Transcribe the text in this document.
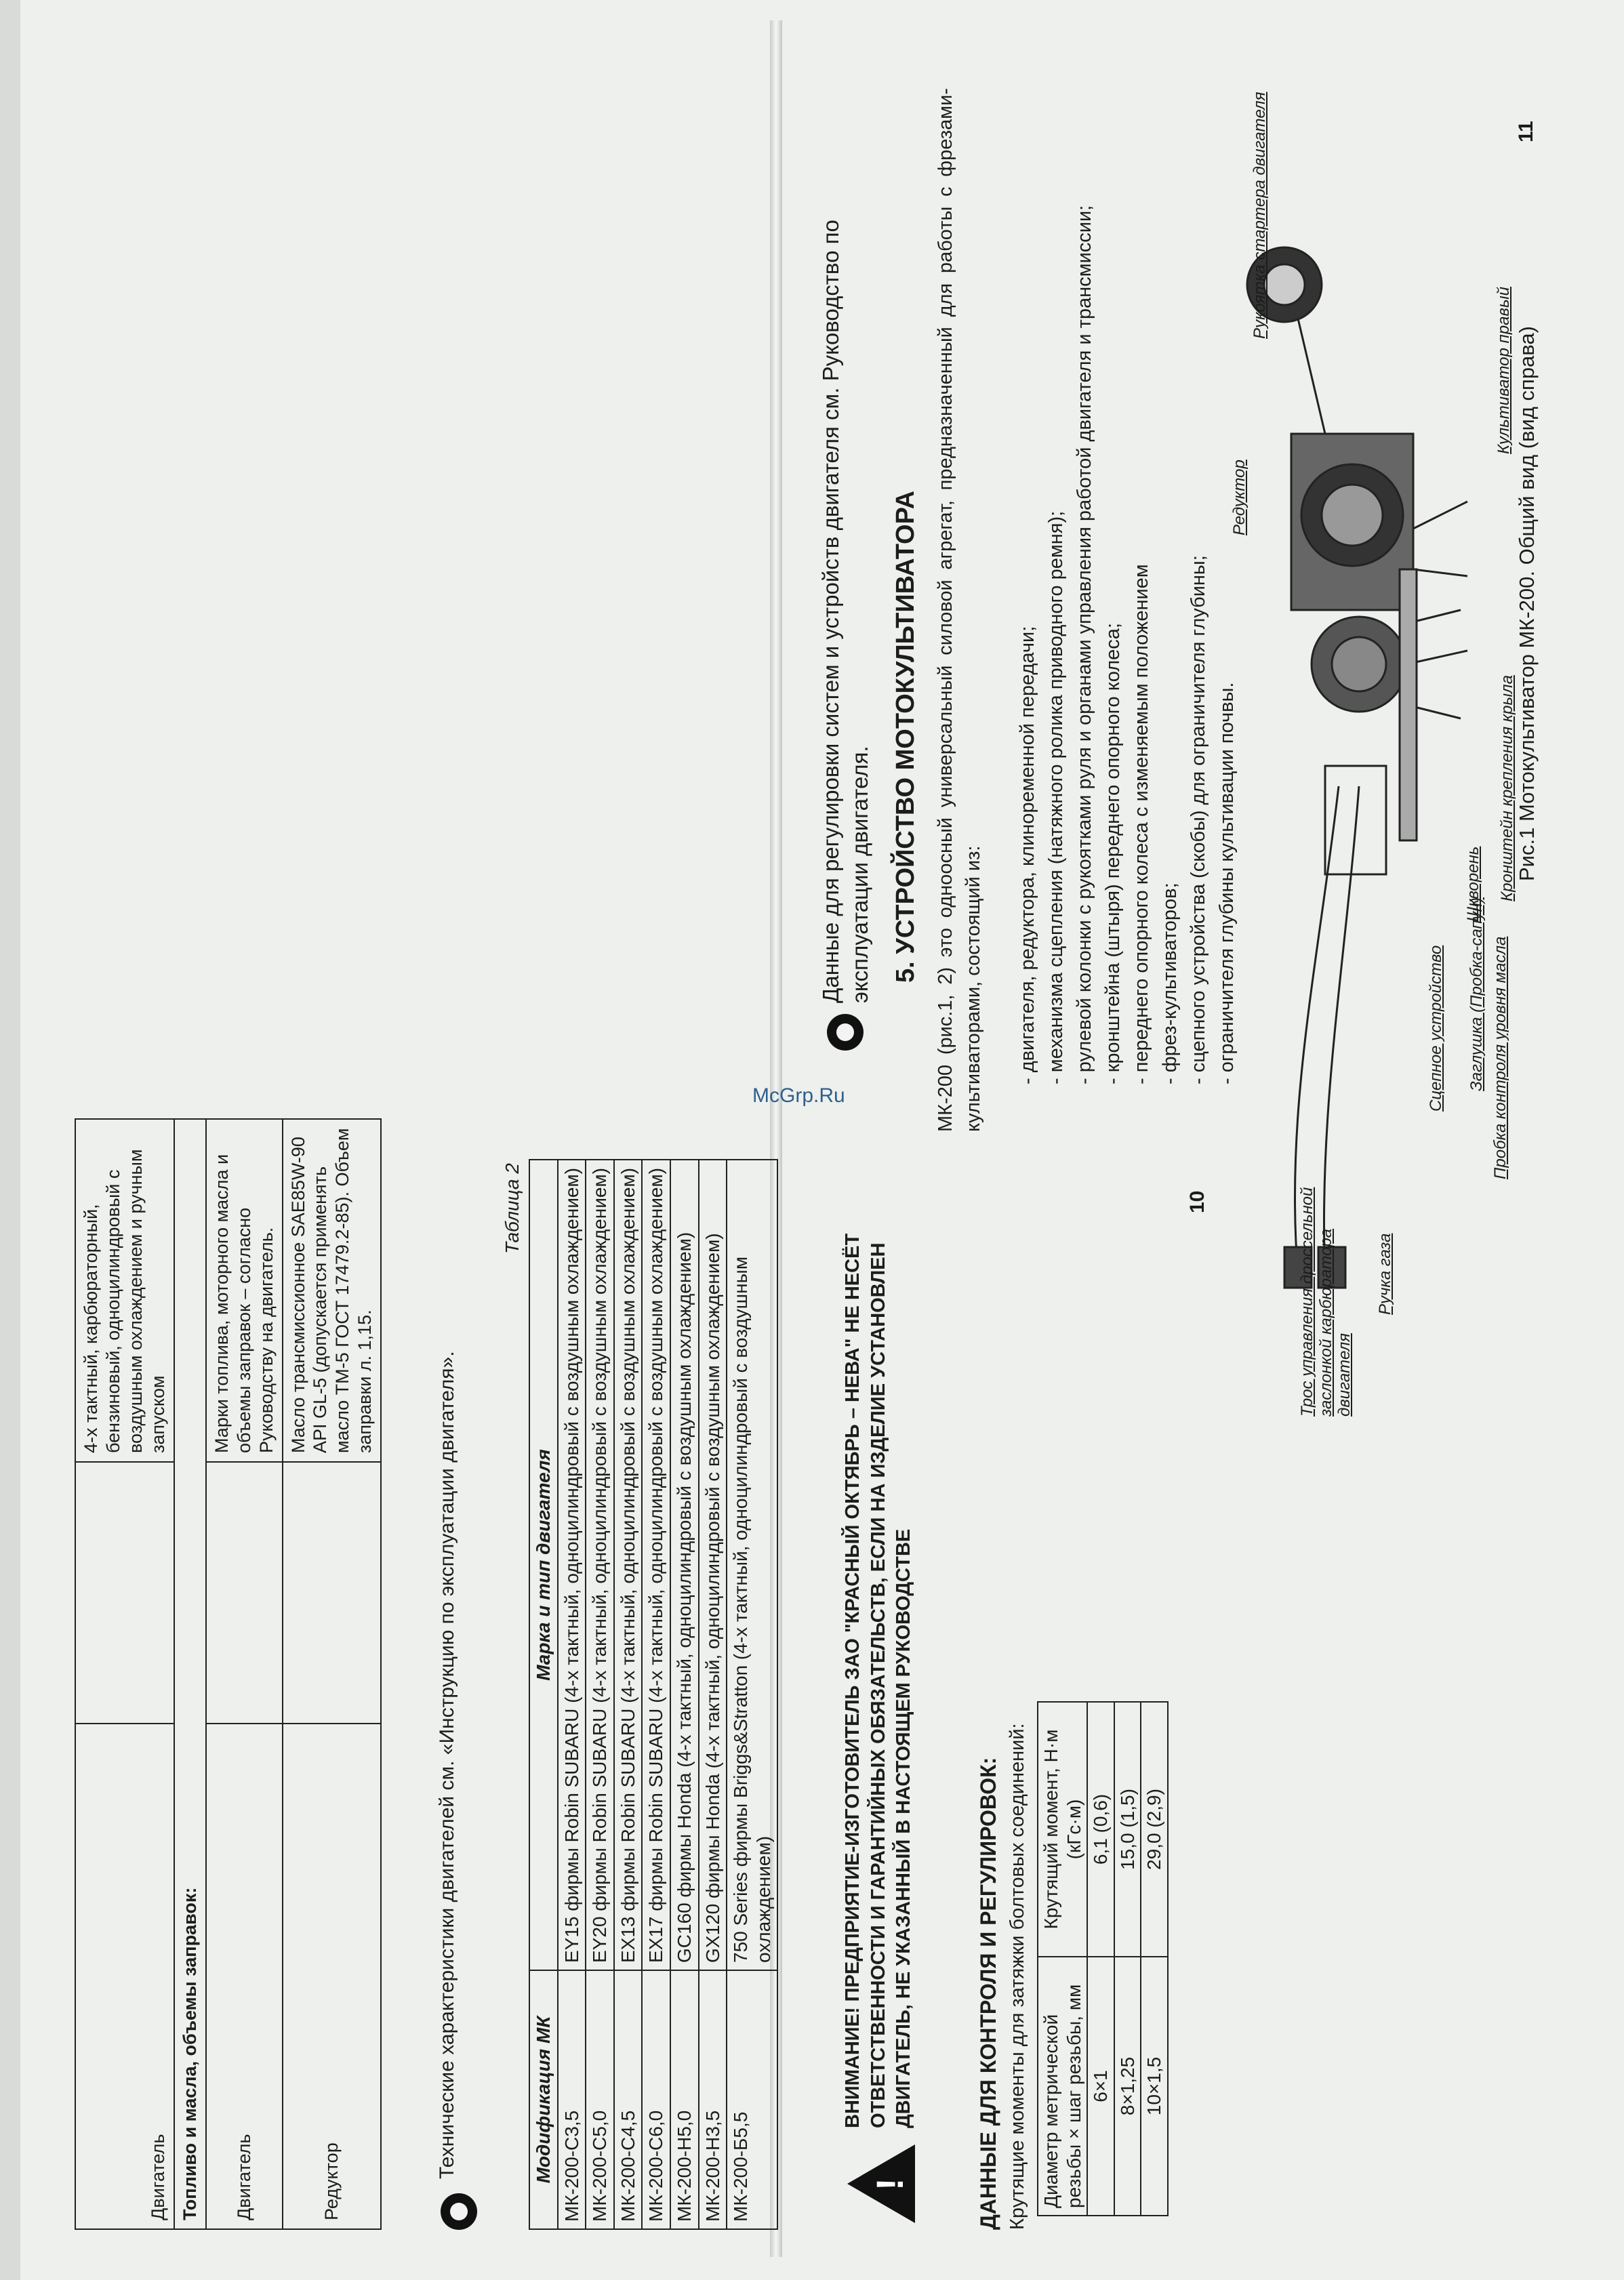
Двигатель		4-х тактный, карбюраторный, бензиновый, одноцилиндровый с воздушным охлаждением и ручным запуском
Топливо и масла, объемы заправок:		
Двигатель		Марки топлива, моторного масла и объемы заправок – согласно Руководству на двигатель.
Редуктор		Масло трансмиссионное SAE85W-90 API GL-5 (допускается применять масло ТМ-5 ГОСТ 17479.2-85). Объем заправки л. 1,15.	Технические характеристики двигателей см. «Инструкцию по эксплуатации двигателя».
Таблица 2
Модификация МК	Марка и тип двигателя
МК-200-С3,5	EY15 фирмы Robin SUBARU (4-х тактный, одноцилиндровый с воздушным охлаждением)
МК-200-С5,0	EY20 фирмы Robin SUBARU (4-х тактный, одноцилиндровый с воздушным охлаждением)
МК-200-С4,5	EX13 фирмы Robin SUBARU (4-х тактный, одноцилиндровый с воздушным охлаждением)
МК-200-С6,0	EX17 фирмы Robin SUBARU (4-х тактный, одноцилиндровый с воздушным охлаждением)
МК-200-Н5,0	GC160 фирмы Honda (4-х тактный, одноцилиндровый с воздушным охлаждением)
МК-200-Н3,5	GX120 фирмы Honda (4-х тактный, одноцилиндровый с воздушным охлаждением)
МК-200-Б5,5	750 Series фирмы Briggs&Stratton (4-х тактный, одноцилиндровый с воздушным охлаждением)
!
ВНИМАНИЕ! ПРЕДПРИЯТИЕ-ИЗГОТОВИТЕЛЬ ЗАО "КРАСНЫЙ ОКТЯБРЬ – НЕВА" НЕ НЕСЁТ ОТВЕТСТВЕННОСТИ И ГАРАНТИЙНЫХ ОБЯЗАТЕЛЬСТВ, ЕСЛИ НА ИЗДЕЛИЕ УСТАНОВЛЕН ДВИГАТЕЛЬ, НЕ УКАЗАННЫЙ В НАСТОЯЩЕМ РУКОВОДСТВЕ	ДАННЫЕ ДЛЯ КОНТРОЛЯ И РЕГУЛИРОВОК: Крутящие моменты для затяжки болтовых соединений: Диаметр метрической резьбы × шаг резьбы, мм	Крутящий момент, Н·м (кГс·м)
6×1	6,1 (0,6)
8×1,25	15,0 (1,5)
10×1,5	29,0 (2,9)
10
Данные для регулировки систем и устройств двигателя см. Руководство по эксплуатации двигателя. 5. УСТРОЙСТВО МОТОКУЛЬТИВАТОРА МК-200 (рис.1, 2) это одноосный универсальный силовой агрегат, предназначенный для работы с фрезами-культиваторами, состоящий из: - двигателя, редуктора, клиноременной передачи; - механизма сцепления (натяжного ролика приводного ремня); - рулевой колонки с рукоятками руля и органами управления работой двигателя и трансмиссии; - кронштейна (штыря) переднего опорного колеса; - переднего опорного колеса с изменяемым положением - фрез-культиваторов; - сцепного устройства (скобы) для ограничителя глубины; - ограничителя глубины культивации почвы.
Трос управления дроссельной заслонкой карбюратора двигателя
Ручка газа
Сцепное устройство
Шкворень
Заглушка (Пробка-сапун) Пробка контроля уровня масла
Кронштейн крепления крыла
Редуктор
Рукоятка стартера двигателя
Культиватор правый Рис.1 Мотокультиватор МК-200. Общий вид (вид справа)
11
McGrp.Ru
